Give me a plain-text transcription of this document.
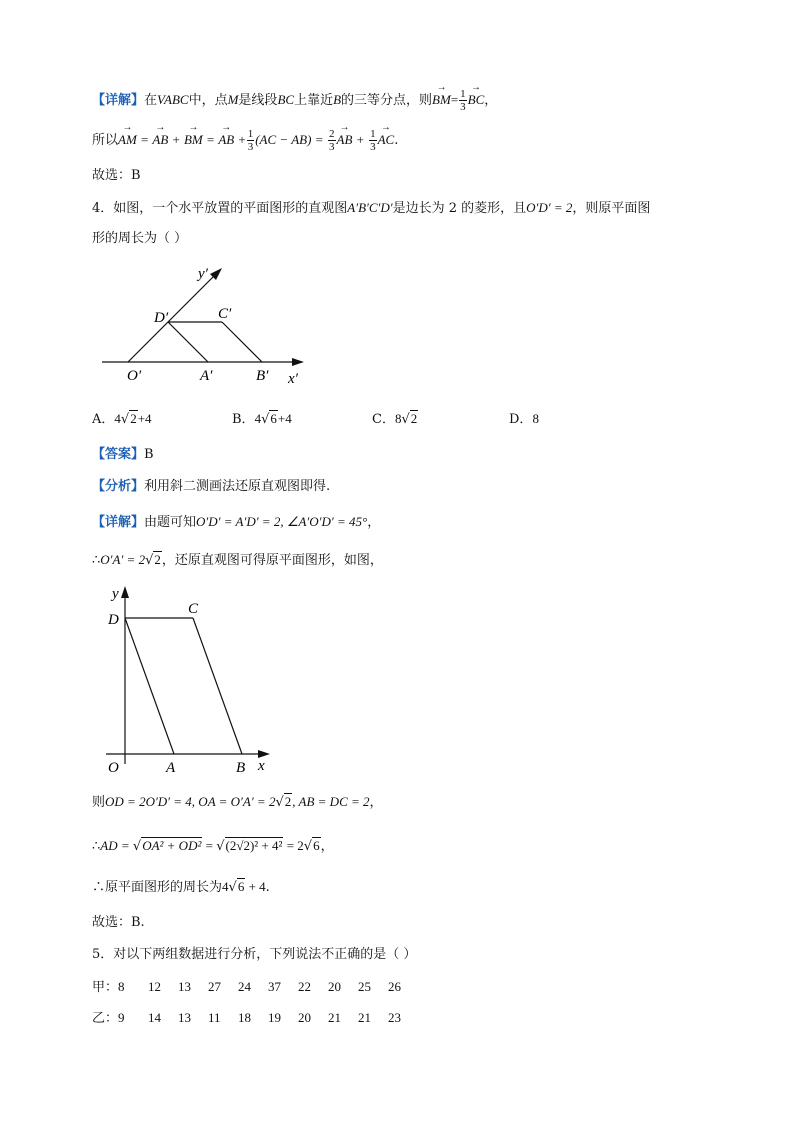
【详解】在VABC中，点M是线段BC上靠近B的三等分点，则→ $BM= \frac{1}{3}$ → BC，
所以→ AM = → AB + → BM = → AB + $\frac{1}{3} (AC - AB) = \frac{2}{3}$ → AB + $\frac{1}{3}$ → AC.
故选：B
4．如图，一个水平放置的平面图形的直观图A′B′C′D′是边长为 2 的菱形，且O′D′ = 2，则原平面图
形的周长为（ ）
y′
D′	C′
O′	A′	B′ x′
A．4√2+4	B．4√6+4	C．8√2	D．8
【答案】B
【分析】利用斜二测画法还原直观图即得.
【详解】由题可知O′D′ = A′D′ = 2, ∠A′O′D′ = 45°，
∴O′A′ = 2√2，还原直观图可得原平面图形，如图，
y
D
C
O	A	B x
则OD = 2O′D′ = 4, OA = O′A′ = 2√2, AB = DC = 2，
∴AD = √OA² + OD² = √(2√2)² + 4² = 2√6，
∴原平面图形的周长为4√6 + 4.
故选：B.
5．对以下两组数据进行分析，下列说法不正确的是（ ）
甲：8 12 13 27 24 37 22 20 25 26
乙：9 14 13 11 18 19 20 21 21 23
